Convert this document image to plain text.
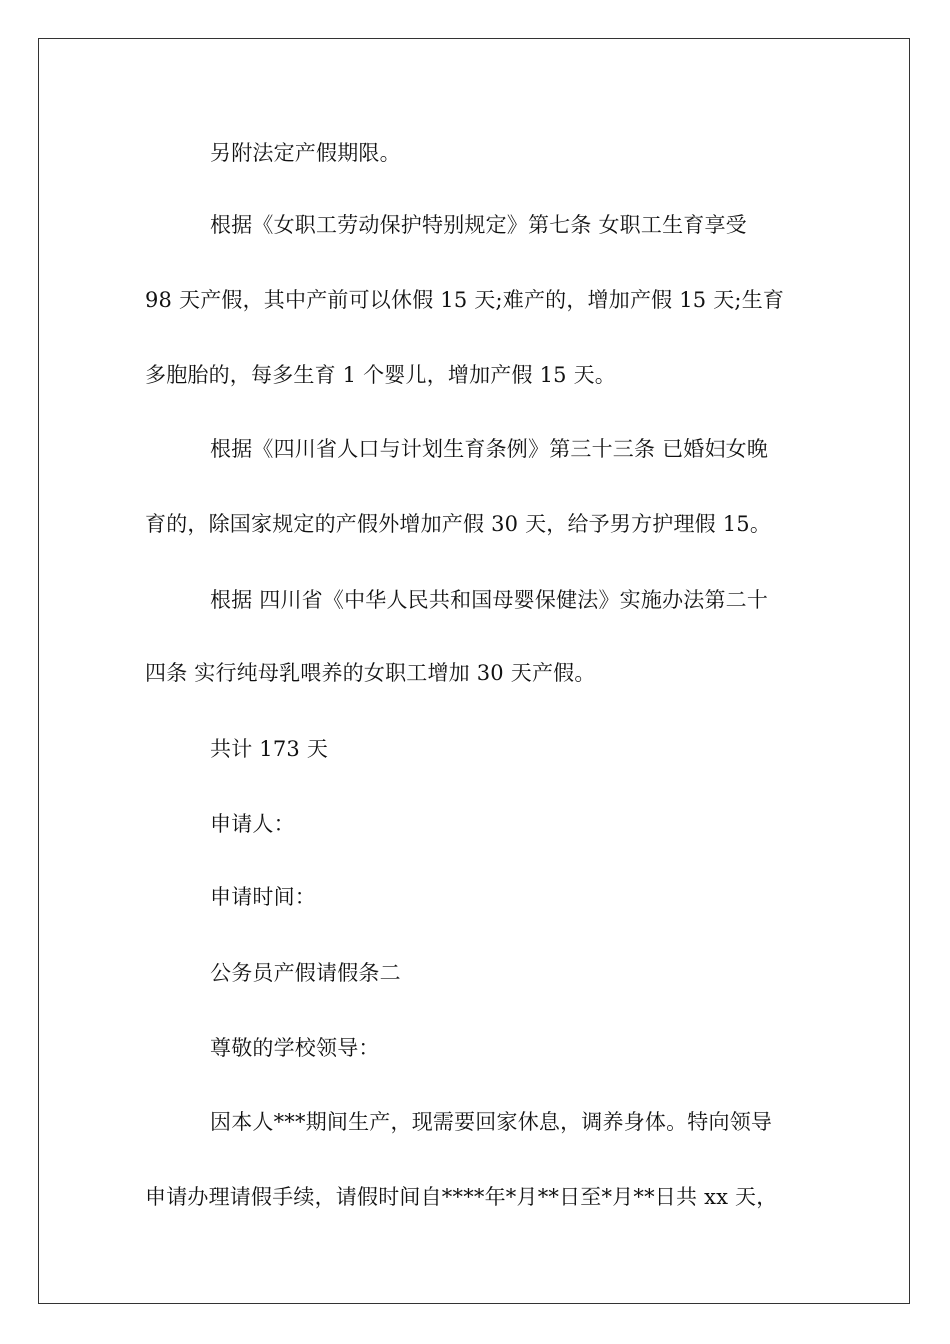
另附法定产假期限。
根据《女职工劳动保护特别规定》第七条 女职工生育享受
98 天产假，其中产前可以休假 15 天;难产的，增加产假 15 天;生育
多胞胎的，每多生育 1 个婴儿，增加产假 15 天。
根据《四川省人口与计划生育条例》第三十三条 已婚妇女晚
育的，除国家规定的产假外增加产假 30 天，给予男方护理假 15。
根据 四川省《中华人民共和国母婴保健法》实施办法第二十
四条 实行纯母乳喂养的女职工增加 30 天产假。
共计 173 天
申请人：
申请时间：
公务员产假请假条二
尊敬的学校领导：
因本人***期间生产，现需要回家休息，调养身体。特向领导
申请办理请假手续，请假时间自****年*月**日至*月**日共 xx 天，
